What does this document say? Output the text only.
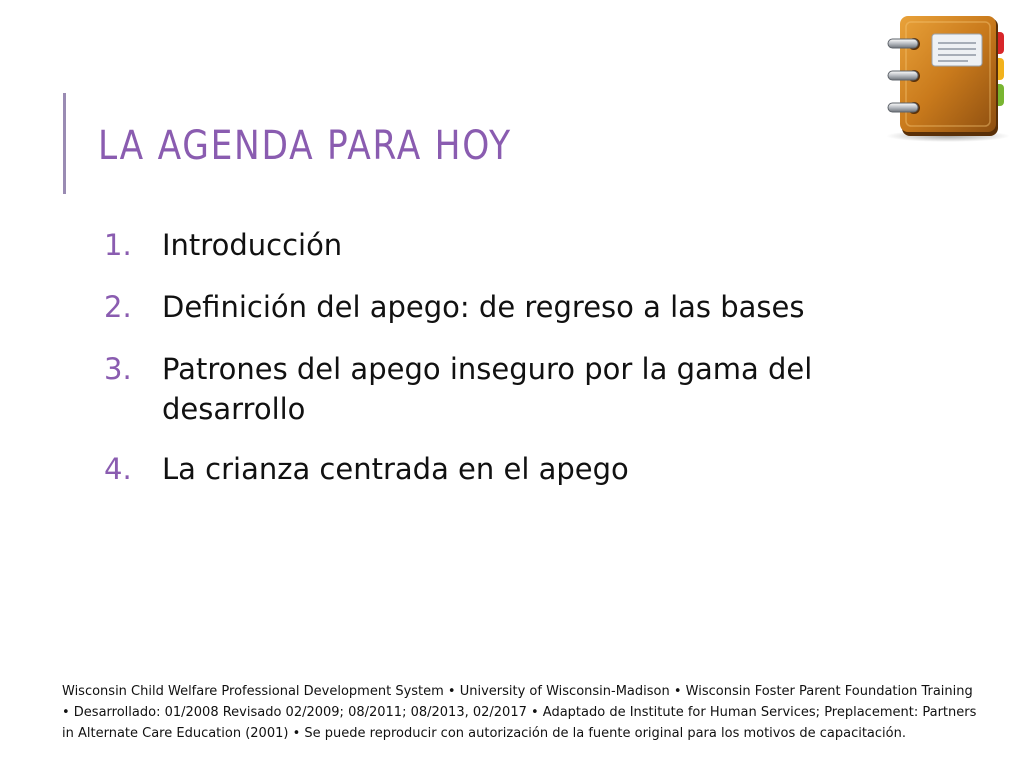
LA AGENDA PARA HOY
1.	Introducción
2.	Definición del apego: de regreso a las bases
3.	Patrones del apego inseguro por la gama del desarrollo
4.	La crianza centrada en el apego

Wisconsin Child Welfare Professional Development System • University of Wisconsin-Madison • Wisconsin Foster Parent Foundation Training • Desarrollado: 01/2008 Revisado 02/2009; 08/2011; 08/2013, 02/2017 • Adaptado de Institute for Human Services; Preplacement: Partners in Alternate Care Education (2001) • Se puede reproducir con autorización de la fuente original para los motivos de capacitación.
